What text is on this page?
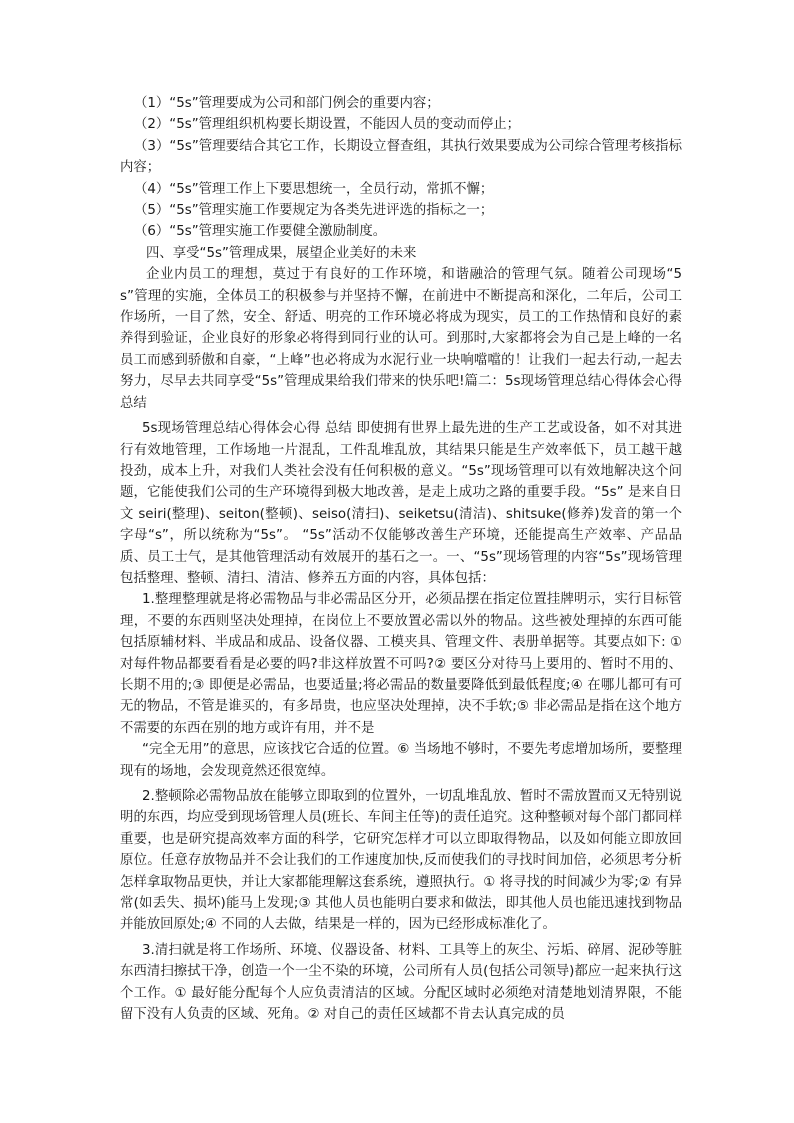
（1）“5s”管理要成为公司和部门例会的重要内容；

（2）“5s”管理组织机构要长期设置，不能因人员的变动而停止；

（3）“5s”管理要结合其它工作，长期设立督查组，其执行效果要成为公司综合管理考核指标内容；

（4）“5s”管理工作上下要思想统一，全员行动，常抓不懈；

（5）“5s”管理实施工作要规定为各类先进评选的指标之一；

（6）“5s”管理实施工作要健全激励制度。

四、享受“5s”管理成果，展望企业美好的未来

企业内员工的理想，莫过于有良好的工作环境，和谐融洽的管理气氛。随着公司现场“5s”管理的实施，全体员工的积极参与并坚持不懈，在前进中不断提高和深化，二年后，公司工作场所，一目了然，安全、舒适、明亮的工作环境必将成为现实，员工的工作热情和良好的素养得到验证，企业良好的形象必将得到同行业的认可。到那时,大家都将会为自己是上峰的一名员工而感到骄傲和自豪，“上峰”也必将成为水泥行业一块响噹噹的！让我们一起去行动,一起去努力，尽早去共同享受“5s”管理成果给我们带来的快乐吧!篇二：5s现场管理总结心得体会心得 总结

5s现场管理总结心得体会心得 总结 即使拥有世界上最先进的生产工艺或设备，如不对其进行有效地管理，工作场地一片混乱，工件乱堆乱放，其结果只能是生产效率低下，员工越干越投劲，成本上升，对我们人类社会没有任何积极的意义。“5s”现场管理可以有效地解决这个问题，它能使我们公司的生产环境得到极大地改善，是走上成功之路的重要手段。“5s” 是来自日文 seiri(整理)、seiton(整顿)、seiso(清扫)、seiketsu(清洁)、shitsuke(修养)发音的第一个字母“s”，所以统称为“5s”。 “5s”活动不仅能够改善生产环境，还能提高生产效率、产品品质、员工士气，是其他管理活动有效展开的基石之一。一、“5s”现场管理的内容“5s”现场管理包括整理、整顿、清扫、清洁、修养五方面的内容，具体包括：

1.整理整理就是将必需物品与非必需品区分开，必须品摆在指定位置挂牌明示，实行目标管理，不要的东西则坚决处理掉，在岗位上不要放置必需以外的物品。这些被处理掉的东西可能包括原辅材料、半成品和成品、设备仪器、工模夹具、管理文件、表册单据等。其要点如下: ① 对每件物品都要看看是必要的吗?非这样放置不可吗?② 要区分对待马上要用的、暂时不用的、长期不用的;③ 即便是必需品，也要适量;将必需品的数量要降低到最低程度;④ 在哪儿都可有可无的物品，不管是谁买的，有多昂贵，也应坚决处理掉，决不手软;⑤ 非必需品是指在这个地方不需要的东西在别的地方或许有用，并不是

“完全无用”的意思，应该找它合适的位置。⑥ 当场地不够时，不要先考虑增加场所，要整理现有的场地，会发现竟然还很宽绰。

2.整顿除必需物品放在能够立即取到的位置外，一切乱堆乱放、暂时不需放置而又无特别说明的东西，均应受到现场管理人员(班长、车间主任等)的责任追究。这种整顿对每个部门都同样重要，也是研究提高效率方面的科学，它研究怎样才可以立即取得物品，以及如何能立即放回原位。任意存放物品并不会让我们的工作速度加快,反而使我们的寻找时间加倍，必须思考分析怎样拿取物品更快，并让大家都能理解这套系统，遵照执行。① 将寻找的时间减少为零;② 有异常(如丢失、损坏)能马上发现;③ 其他人员也能明白要求和做法，即其他人员也能迅速找到物品并能放回原处;④ 不同的人去做，结果是一样的，因为已经形成标准化了。

3.清扫就是将工作场所、环境、仪器设备、材料、工具等上的灰尘、污垢、碎屑、泥砂等脏东西清扫擦拭干净，创造一个一尘不染的环境，公司所有人员(包括公司领导)都应一起来执行这个工作。① 最好能分配每个人应负责清洁的区域。分配区域时必须绝对清楚地划清界限，不能留下没有人负责的区域、死角。② 对自己的责任区域都不肯去认真完成的员
